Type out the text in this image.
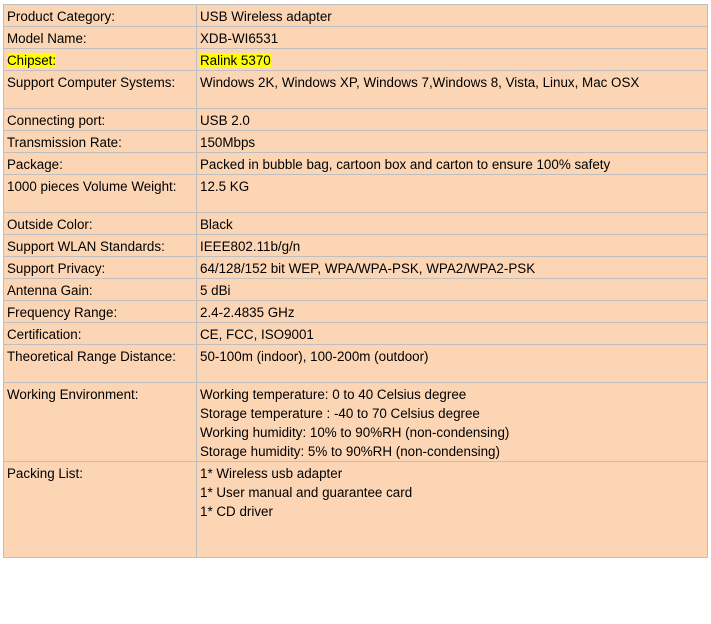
Product Category:	USB Wireless adapter

Model Name:	XDB-WI6531

Chipset:	Ralink 5370
Support Computer Systems:	Windows 2K, Windows XP, Windows 7,Windows 8, Vista, Linux, Mac OSX

Connecting port:	USB 2.0

Transmission Rate:	150Mbps

Package:	Packed in bubble bag, cartoon box and carton to ensure 100% safety

1000 pieces Volume Weight:	12.5 KG

Outside Color:	Black

Support WLAN Standards:	IEEE802.11b/g/n

Support Privacy:	64/128/152 bit WEP, WPA/WPA-PSK, WPA2/WPA2-PSK

Antenna Gain:	5 dBi

Frequency Range:	2.4-2.4835 GHz

Certification:	CE, FCC, ISO9001

Theoretical Range Distance:	50-100m (indoor), 100-200m (outdoor)

Working Environment:	Working temperature: 0 to 40 Celsius degree
Storage temperature : -40 to 70 Celsius degree
Working humidity: 10% to 90%RH (non-condensing)
Storage humidity: 5% to 90%RH (non-condensing)

Packing List:	1* Wireless usb adapter
1* User manual and guarantee card
1* CD driver
